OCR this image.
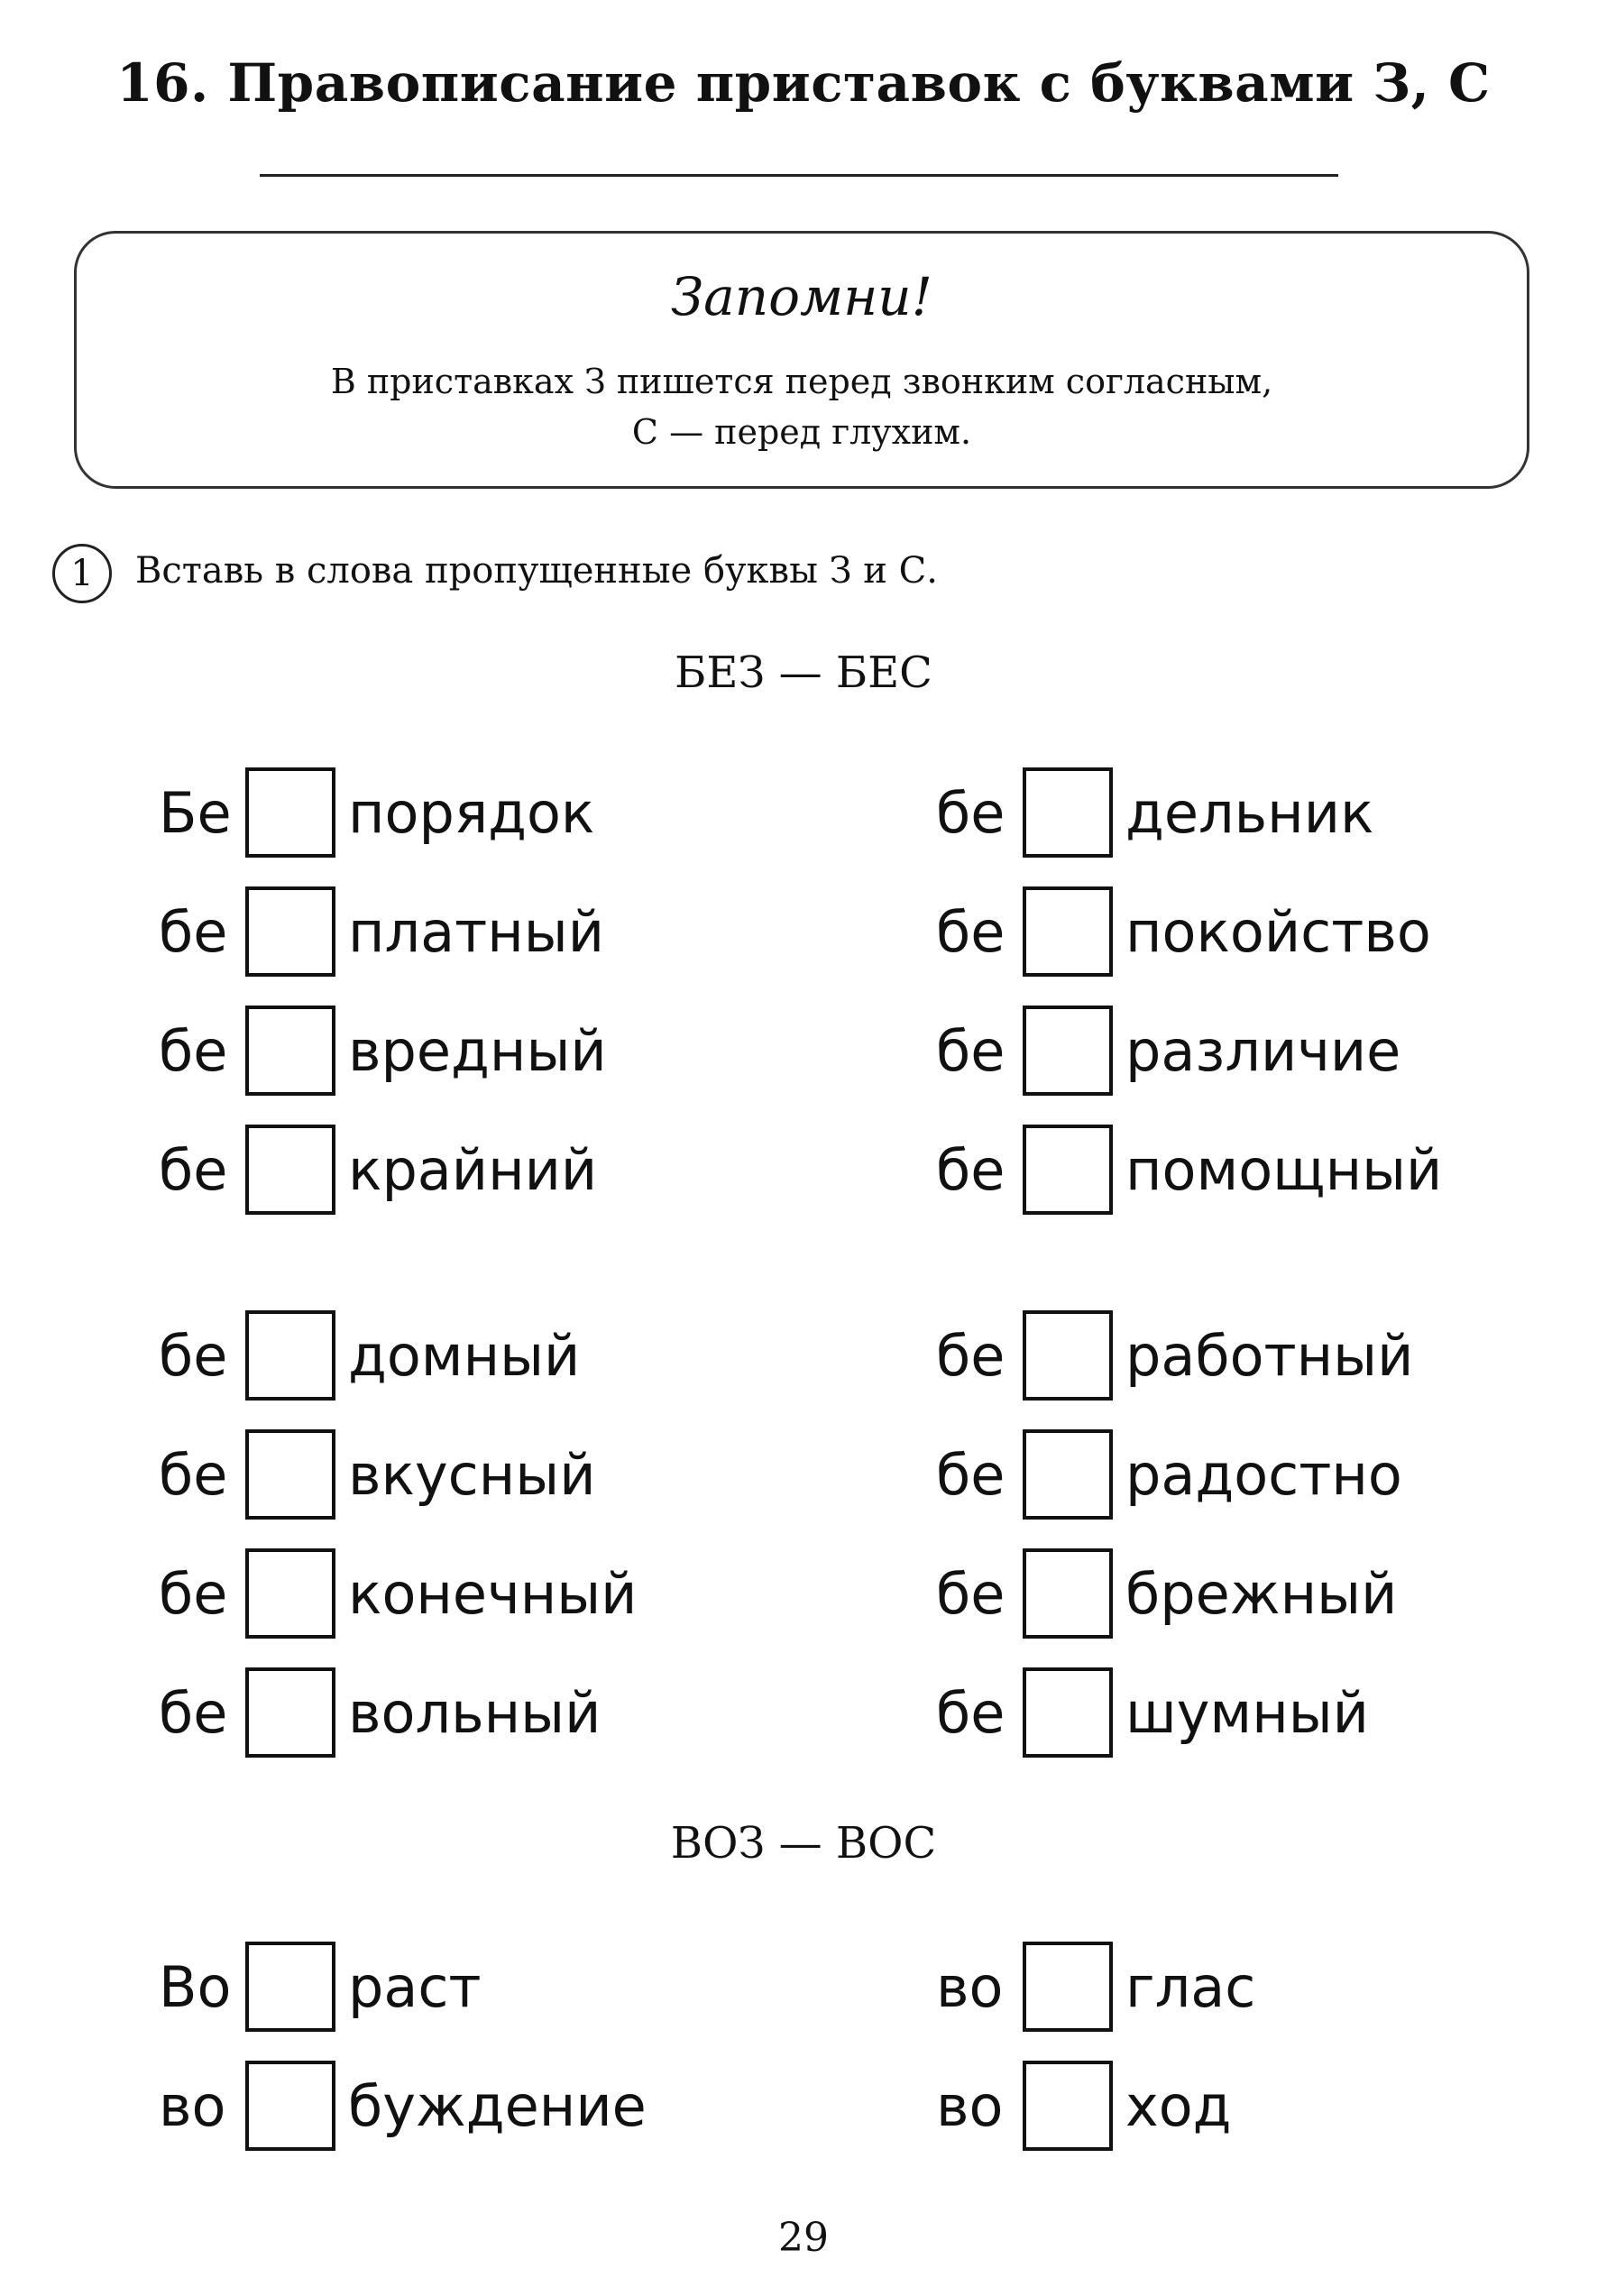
16. Правописание приставок с буквами З, С
Запомни!
В приставках З пишется перед звонким согласным,
С — перед глухим.
1	Вставь в слова пропущенные буквы З и С.
БЕЗ — БЕС
Бе порядок
бе	платный
бе	вредный
бе	крайний
бе	домный
бе	вкусный
бе	конечный
бе	вольный
бе	дельник
бе	покойство
бе	различие
бе	помощный
бе	работный
бе	радостно
бе	брежный
бе	шумный
ВОЗ — ВОС
Во раст
во	буждение
во	глас
во	ход
29
